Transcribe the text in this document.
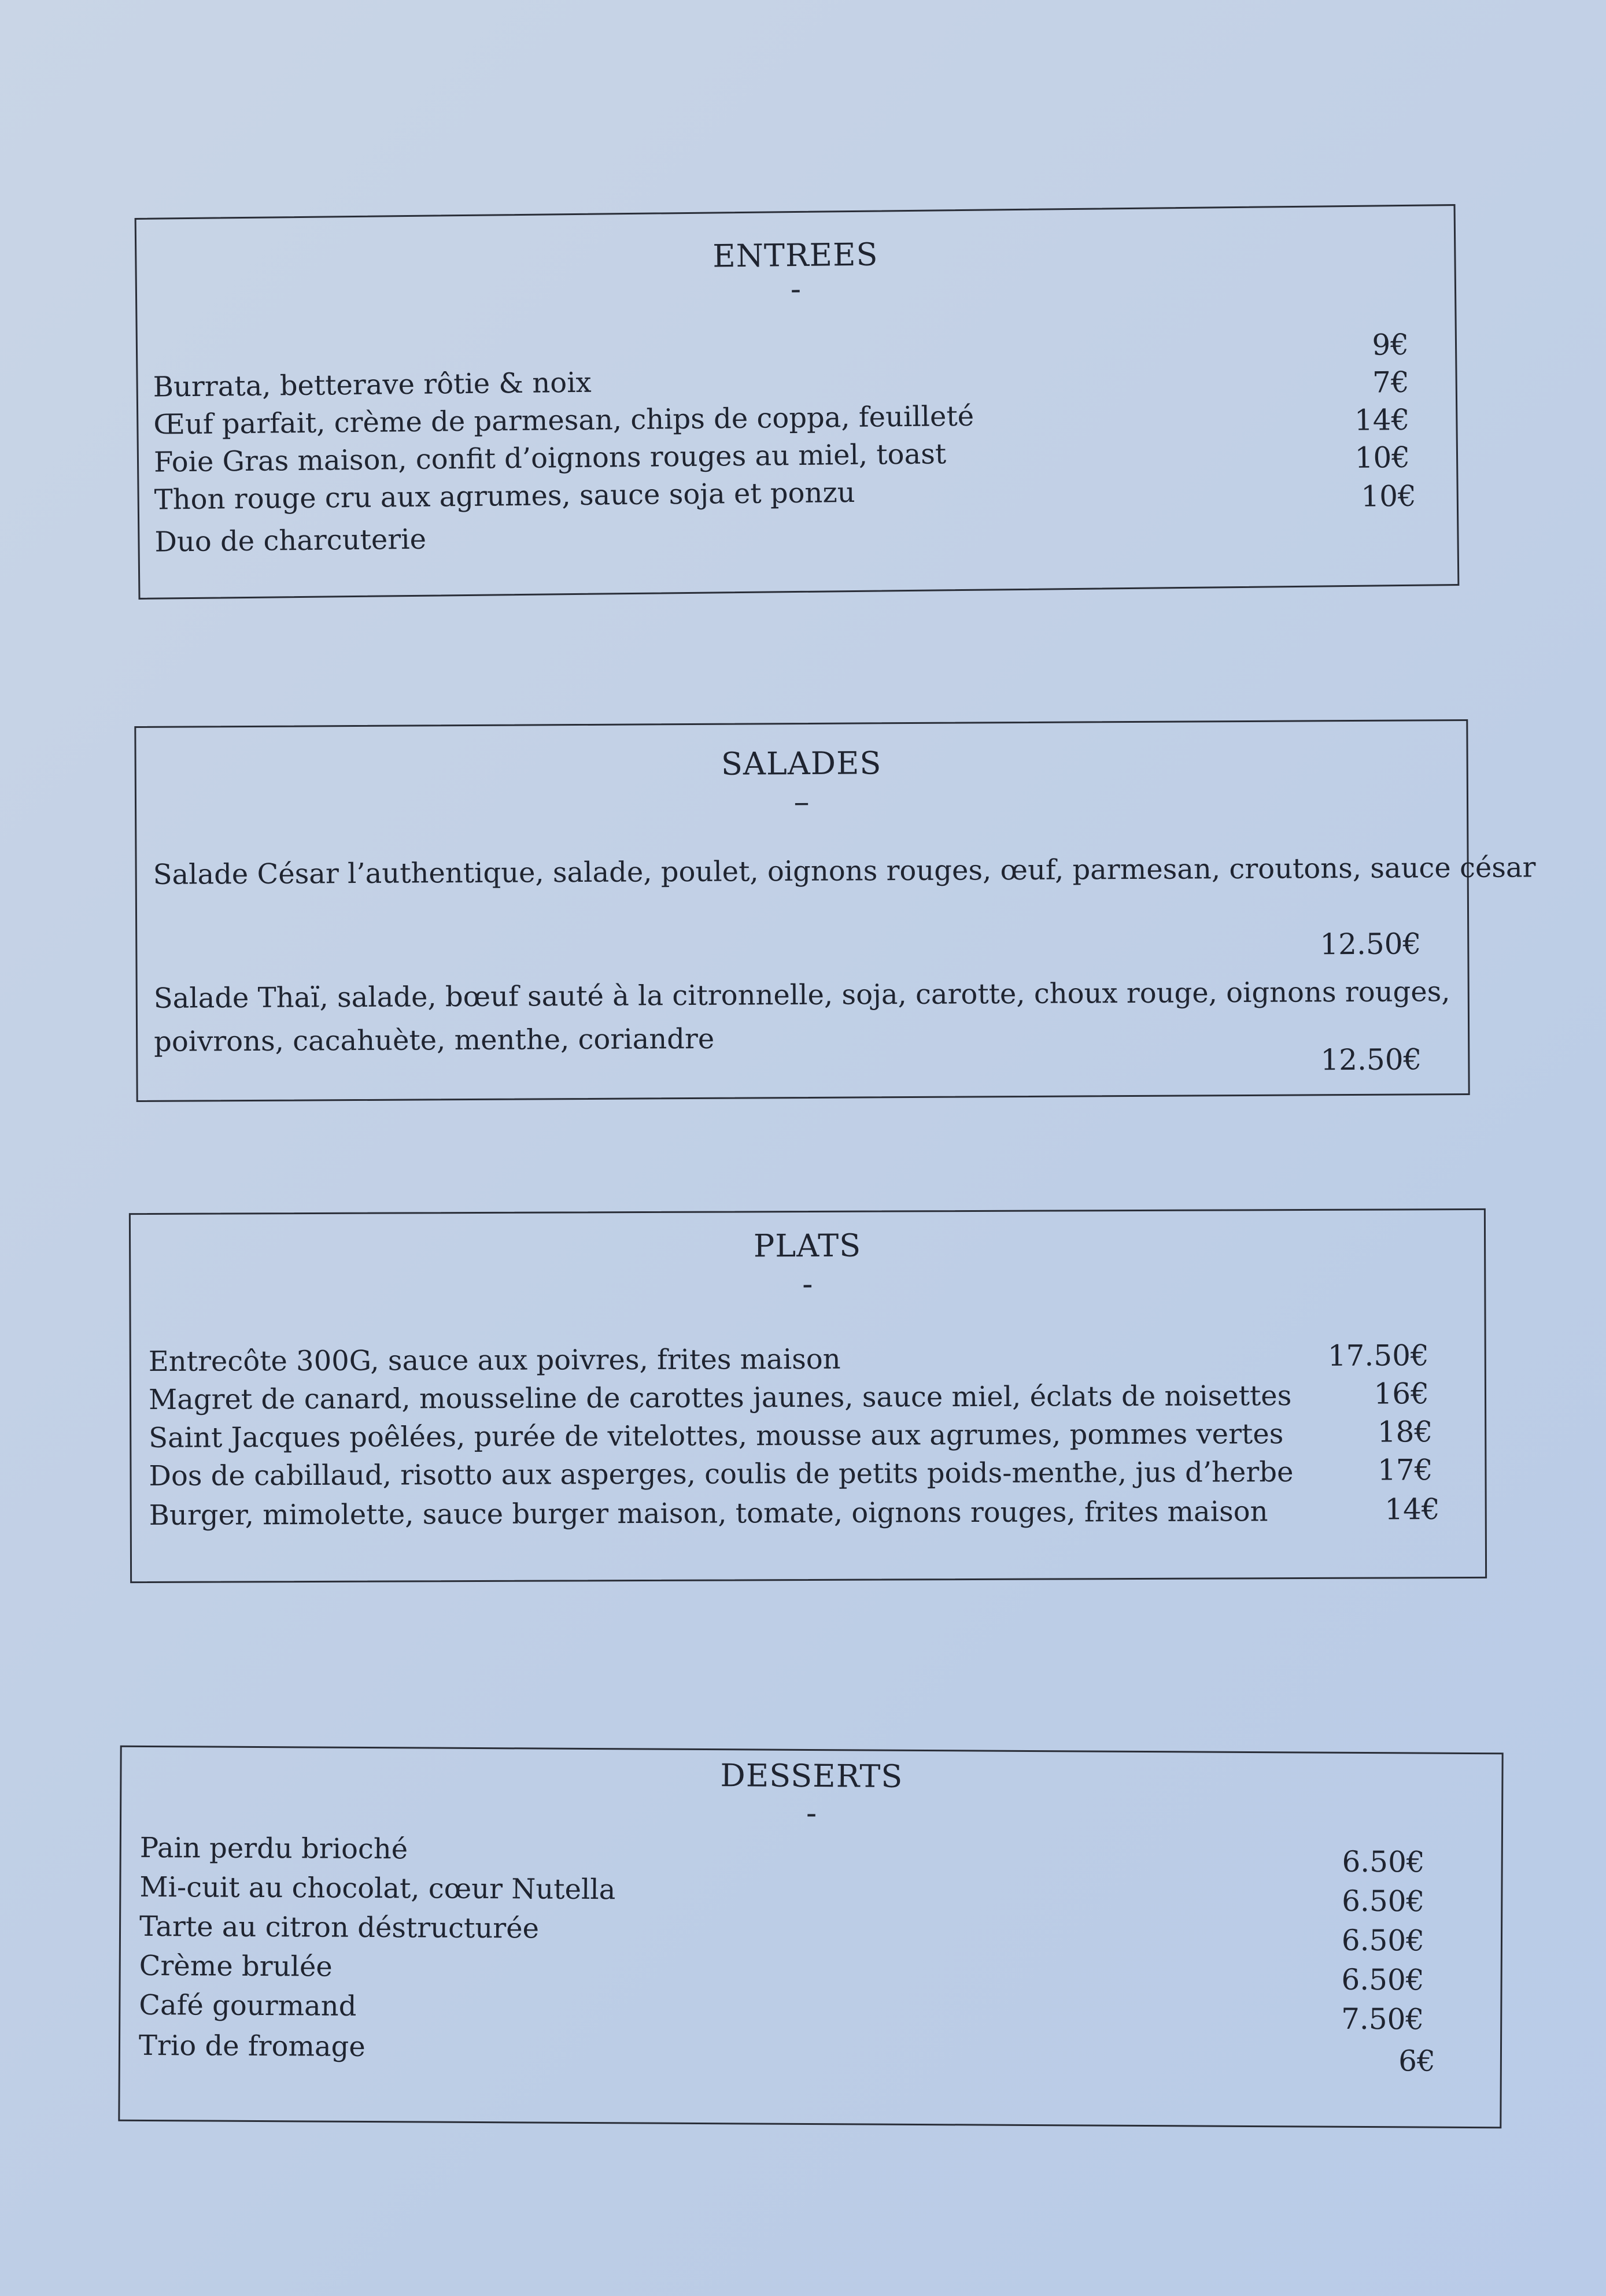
ENTREES
-
Burrata, betterave rôtie & noix
Œuf parfait, crème de parmesan, chips de coppa, feuilleté
Foie Gras maison, confit d’oignons rouges au miel, toast
Thon rouge cru aux agrumes, sauce soja et ponzu
Duo de charcuterie
9€
7€
14€
10€
10€
SALADES
–
Salade César l’authentique, salade, poulet, oignons rouges, œuf, parmesan, croutons, sauce césar
12.50€
Salade Thaï, salade, bœuf sauté à la citronnelle, soja, carotte, choux rouge, oignons rouges,
poivrons, cacahuète, menthe, coriandre
12.50€
PLATS
-
Entrecôte 300G, sauce aux poivres, frites maison
Magret de canard, mousseline de carottes jaunes, sauce miel, éclats de noisettes
Saint Jacques poêlées, purée de vitelottes, mousse aux agrumes, pommes vertes
Dos de cabillaud, risotto aux asperges, coulis de petits poids-menthe, jus d’herbe
Burger, mimolette, sauce burger maison, tomate, oignons rouges, frites maison
17.50€
16€
18€
17€
14€
DESSERTS
-
Pain perdu brioché
Mi-cuit au chocolat, cœur Nutella
Tarte au citron déstructurée
Crème brulée
Café gourmand
Trio de fromage
6.50€
6.50€
6.50€
6.50€
7.50€
6€
